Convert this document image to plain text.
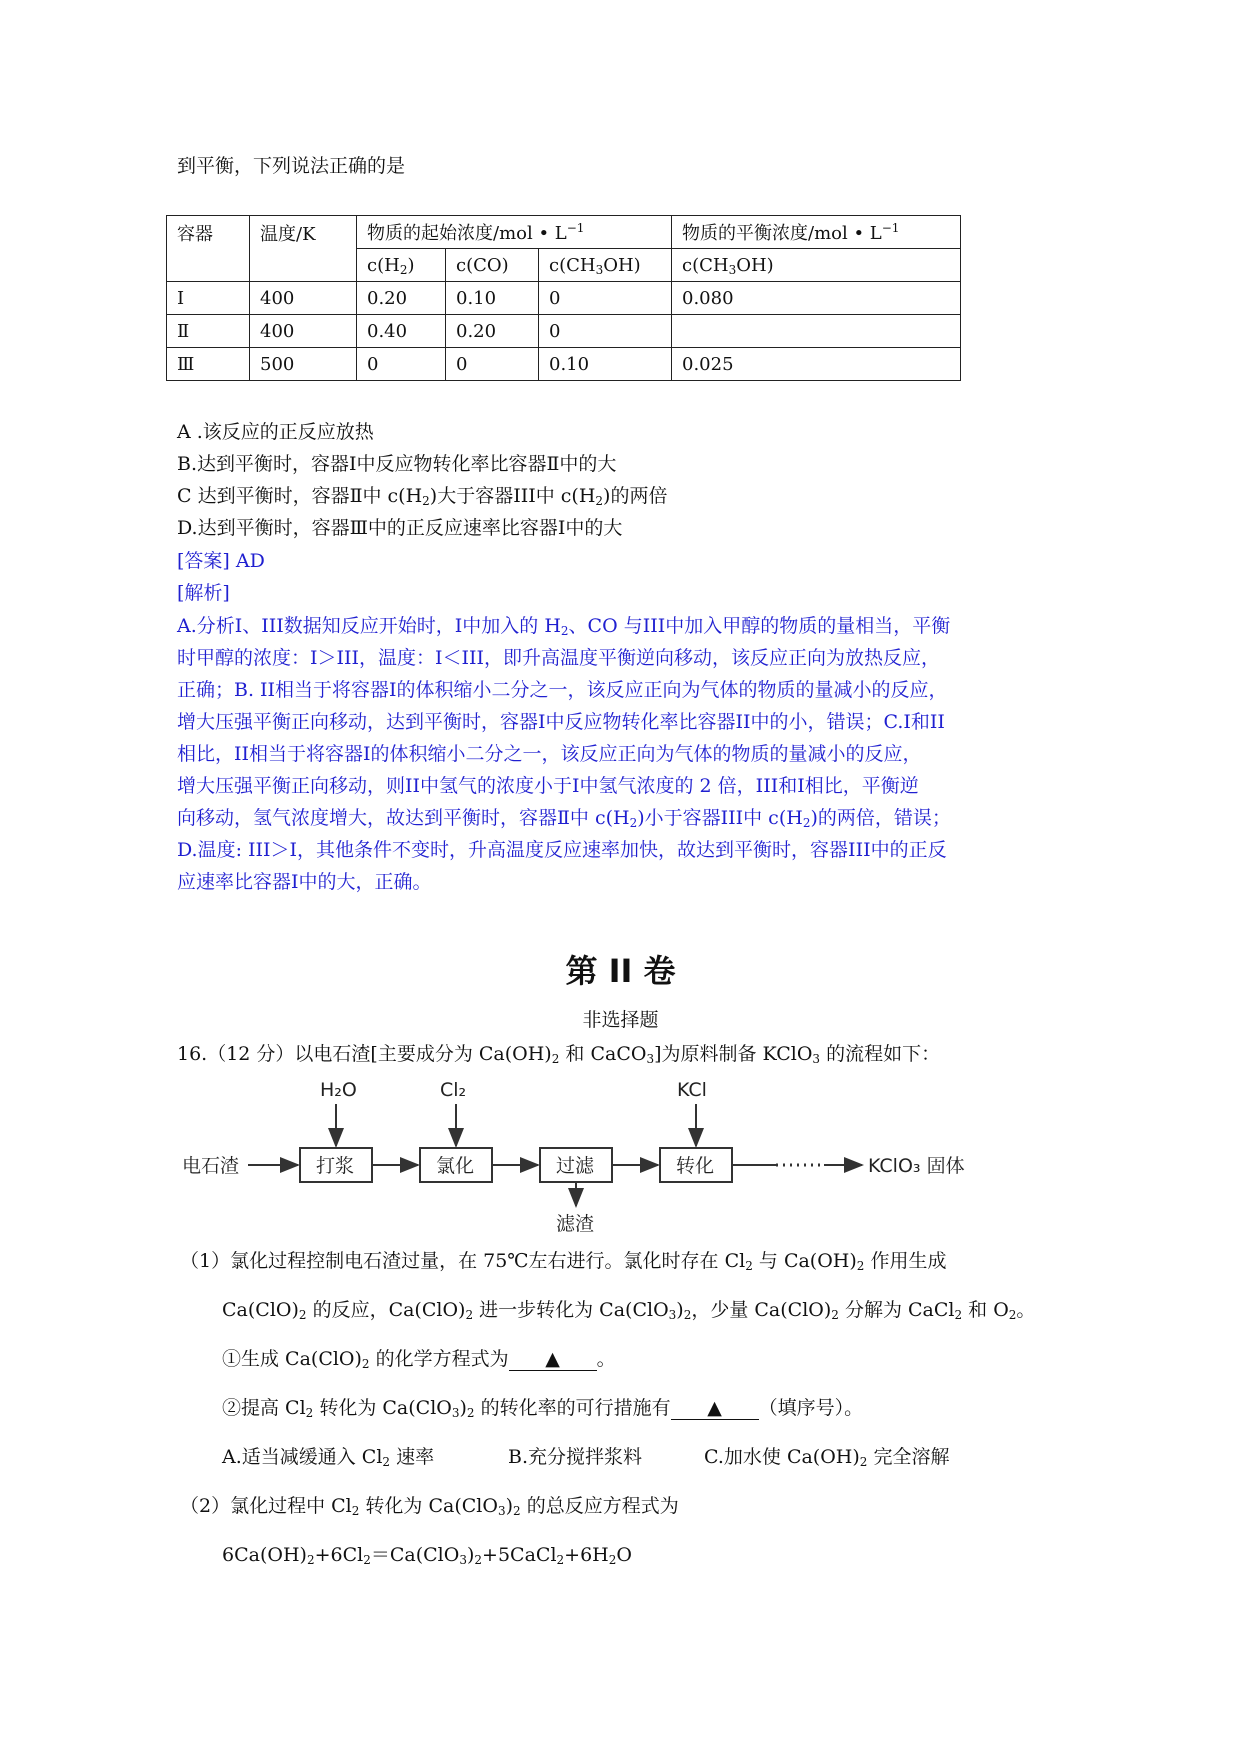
到平衡，下列说法正确的是
容器	温度/K	物质的起始浓度/mol • $L^{-1}$			物质的平衡浓度/mol • $L^{-1}$
		$c(H_2)$	c(CO)	$c(CH_3OH)$	$c(CH_3OH)$
Ⅰ	400	0.20	0.10	0	0.080
Ⅱ	400	0.40	0.20	0	
Ⅲ	500	0	0	0.10	0.025
A .该反应的正反应放热
B.达到平衡时，容器Ⅰ中反应物转化率比容器Ⅱ中的大
C 达到平衡时，容器Ⅱ中 $c(H_2)$大于容器III中 $c(H_2)$的两倍
D.达到平衡时，容器Ⅲ中的正反应速率比容器Ⅰ中的大
[答案] AD
[解析]
A.分析Ⅰ、III数据知反应开始时，Ⅰ中加入的 $H_2$、CO 与III中加入甲醇的物质的量相当，平衡
时甲醇的浓度：Ⅰ＞III，温度：Ⅰ＜III，即升高温度平衡逆向移动，该反应正向为放热反应，
正确；B. II相当于将容器Ⅰ的体积缩小二分之一，该反应正向为气体的物质的量减小的反应，
增大压强平衡正向移动，达到平衡时，容器Ⅰ中反应物转化率比容器II中的小，错误；C.Ⅰ和II
相比，II相当于将容器Ⅰ的体积缩小二分之一，该反应正向为气体的物质的量减小的反应，
增大压强平衡正向移动，则II中氢气的浓度小于Ⅰ中氢气浓度的 2 倍，III和Ⅰ相比，平衡逆
向移动，氢气浓度增大，故达到平衡时，容器Ⅱ中 $c(H_2)$小于容器III中 $c(H_2)$的两倍，错误；
D.温度: III＞Ⅰ，其他条件不变时，升高温度反应速率加快，故达到平衡时，容器III中的正反
应速率比容器Ⅰ中的大，正确。
第 II 卷
非选择题
16.（12 分）以电石渣[主要成分为 $Ca(OH)_2$ 和 CaCO$_3$]为原料制备 KClO$_3$ 的流程如下：
电石渣	打浆	氯化	过滤	转化	KClO₃ 固体
H₂O	Cl₂	KCl
滤渣
（1）氯化过程控制电石渣过量，在 75℃左右进行。氯化时存在 $Cl_2$ 与 $Ca(OH)_2$ 作用生成
$Ca(ClO)_2$ 的反应，$Ca(ClO)_2$ 进一步转化为 $Ca(ClO_3)_2$，少量 $Ca(ClO)_2$ 分解为 CaCl$_2$ 和 $O_2$。
①生成 $Ca(ClO)_2$ 的化学方程式为 ▲ 。
②提高 $Cl_2$ 转化为 $Ca(ClO_3)_2$ 的转化率的可行措施有 ▲ （填序号）。
A.适当减缓通入 $Cl_2$ 速率	B.充分搅拌浆料	C.加水使 $Ca(OH)_2$ 完全溶解
（2）氯化过程中 $Cl_2$ 转化为 $Ca(ClO_3)_2$ 的总反应方程式为
$6Ca(OH)_2+6Cl_2=Ca(ClO_3)_2+5CaCl_2+6H_2O$
